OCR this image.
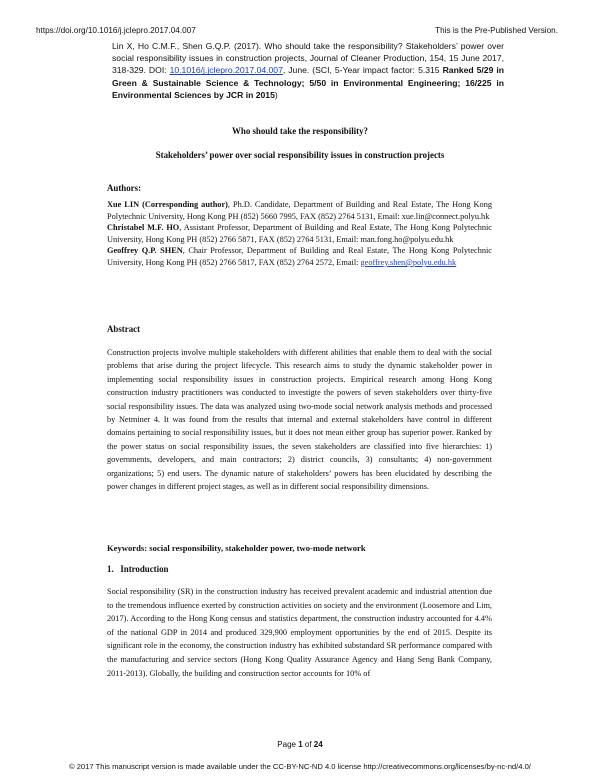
https://doi.org/10.1016/j.jclepro.2017.04.007	This is the Pre-Published Version.
Lin X, Ho C.M.F., Shen G.Q.P. (2017). Who should take the responsibility? Stakeholders’ power over social responsibility issues in construction projects, Journal of Cleaner Production, 154, 15 June 2017, 318-329. DOI: 10.1016/j.jclepro.2017.04.007, June. (SCI, 5-Year impact factor: 5.315 Ranked 5/29 in Green & Sustainable Science & Technology; 5/50 in Environmental Engineering; 16/225 in Environmental Sciences by JCR in 2015)
Who should take the responsibility?
Stakeholders’ power over social responsibility issues in construction projects
Authors:
Xue LIN (Corresponding author), Ph.D. Candidate, Department of Building and Real Estate, The Hong Kong Polytechnic University, Hong Kong PH (852) 5660 7995, FAX (852) 2764 5131, Email: xue.lin@connect.polyu.hk
Christabel M.F. HO, Assistant Professor, Department of Building and Real Estate, The Hong Kong Polytechnic University, Hong Kong PH (852) 2766 5871, FAX (852) 2764 5131, Email: man.fong.ho@polyu.edu.hk
Geoffrey Q.P. SHEN, Chair Professor, Department of Building and Real Estate, The Hong Kong Polytechnic University, Hong Kong PH (852) 2766 5817, FAX (852) 2764 2572, Email: geoffrey.shen@polyu.edu.hk
Abstract
Construction projects involve multiple stakeholders with different abilities that enable them to deal with the social problems that arise during the project lifecycle. This research aims to study the dynamic stakeholder power in implementing social responsibility issues in construction projects. Empirical research among Hong Kong construction industry practitioners was conducted to investigte the powers of seven stakeholders over thirty-five social responsibility issues. The data was analyzed using two-mode social network analysis methods and processed by Netminer 4. It was found from the results that internal and external stakeholders have control in different domains pertaining to social responsibility issues, but it does not mean either group has superior power. Ranked by the power status on social responsibility issues, the seven stakeholders are classified into five hierarchies: 1) governments, developers, and main contractors; 2) district councils, 3) consultants; 4) non-government organizations; 5) end users. The dynamic nature of stakeholders’ powers has been elucidated by describing the power changes in different project stages, as well as in different social responsibility dimensions.
Keywords: social responsibility, stakeholder power, two-mode network
1.   Introduction
Social responsibility (SR) in the construction industry has received prevalent academic and industrial attention due to the tremendous influence exerted by construction activities on society and the environment (Loosemore and Lim, 2017). According to the Hong Kong census and statistics department, the construction industry accounted for 4.4% of the national GDP in 2014 and produced 329,900 employment opportunities by the end of 2015. Despite its significant role in the economy, the construction industry has exhibited substandard SR performance compared with the manufacturing and service sectors (Hong Kong Quality Assurance Agency and Hang Seng Bank Company, 2011-2013). Globally, the building and construction sector accounts for 10% of
Page 1 of 24
© 2017 This manuscript version is made available under the CC-BY-NC-ND 4.0 license http://creativecommons.org/licenses/by-nc-nd/4.0/
